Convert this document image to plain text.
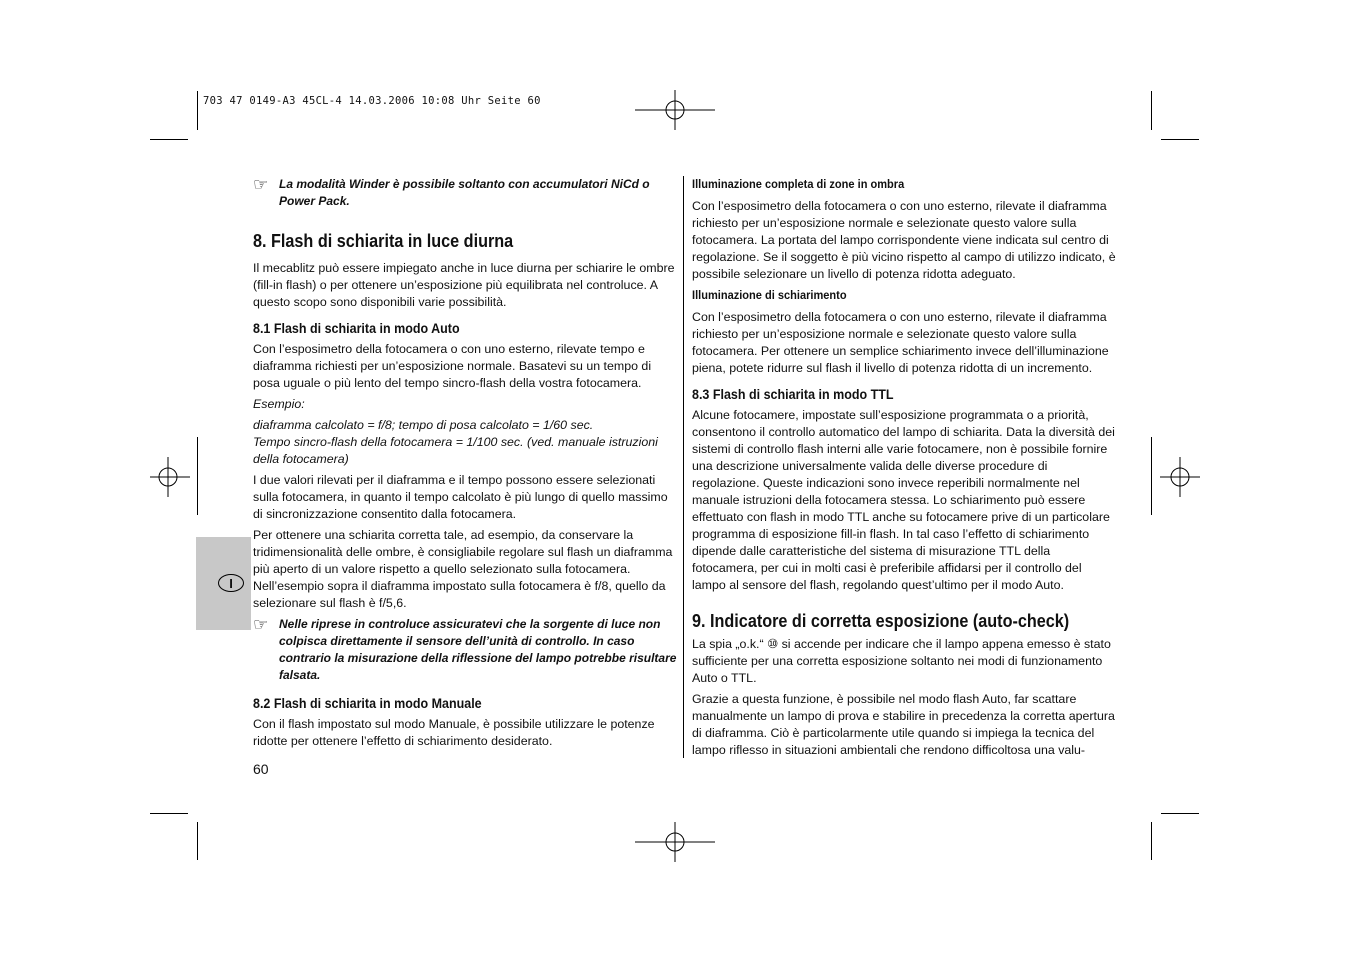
703 47 0149-A3 45CL-4 14.03.2006 10:08 Uhr Seite 60
I
☞ La modalità Winder è possibile soltanto con accumulatori NiCd o Power Pack.
8. Flash di schiarita in luce diurna

Il mecablitz può essere impiegato anche in luce diurna per schiarire le ombre (fill-in flash) o per ottenere un’esposizione più equilibrata nel controluce. A questo scopo sono disponibili varie possibilità.

8.1 Flash di schiarita in modo Auto

Con l’esposimetro della fotocamera o con uno esterno, rilevate tempo e diaframma richiesti per un’esposizione normale. Basatevi su un tempo di posa uguale o più lento del tempo sincro-flash della vostra fotocamera.

Esempio:

diaframma calcolato = f/8; tempo di posa calcolato = 1/60 sec.

Tempo sincro-flash della fotocamera = 1/100 sec. (ved. manuale istruzioni della fotocamera)

I due valori rilevati per il diaframma e il tempo possono essere selezionati sulla fotocamera, in quanto il tempo calcolato è più lungo di quello massimo di sincronizzazione consentito dalla fotocamera.

Per ottenere una schiarita corretta tale, ad esempio, da conservare la tridimensionalità delle ombre, è consigliabile regolare sul flash un diaframma più aperto di un valore rispetto a quello selezionato sulla fotocamera. Nell’esempio sopra il diaframma impostato sulla fotocamera è f/8, quello da selezionare sul flash è f/5,6.

☞ Nelle riprese in controluce assicuratevi che la sorgente di luce non colpisca direttamente il sensore dell’unità di controllo. In caso contrario la misurazione della riflessione del lampo potrebbe risultare falsata.
8.2 Flash di schiarita in modo Manuale

Con il flash impostato sul modo Manuale, è possibile utilizzare le potenze ridotte per ottenere l’effetto di schiarimento desiderato.

Illuminazione completa di zone in ombra

Con l’esposimetro della fotocamera o con uno esterno, rilevate il diaframma richiesto per un’esposizione normale e selezionate questo valore sulla fotocamera. La portata del lampo corrispondente viene indicata sul centro di regolazione. Se il soggetto è più vicino rispetto al campo di utilizzo indicato, è possibile selezionare un livello di potenza ridotta adeguato.

Illuminazione di schiarimento

Con l’esposimetro della fotocamera o con uno esterno, rilevate il diaframma richiesto per un’esposizione normale e selezionate questo valore sulla fotocamera. Per ottenere un semplice schiarimento invece dell’illuminazione piena, potete ridurre sul flash il livello di potenza ridotta di un incremento.

8.3 Flash di schiarita in modo TTL

Alcune fotocamere, impostate sull’esposizione programmata o a priorità, consentono il controllo automatico del lampo di schiarita. Data la diversità dei sistemi di controllo flash interni alle varie fotocamere, non è possibile fornire una descrizione universalmente valida delle diverse procedure di regolazione. Queste indicazioni sono invece reperibili normalmente nel manuale istruzioni della fotocamera stessa. Lo schiarimento può essere effettuato con flash in modo TTL anche su fotocamere prive di un particolare programma di esposizione fill-in flash. In tal caso l’effetto di schiarimento dipende dalle caratteristiche del sistema di misurazione TTL della fotocamera, per cui in molti casi è preferibile affidarsi per il controllo del lampo al sensore del flash, regolando quest’ultimo per il modo Auto.

9. Indicatore di corretta esposizione (auto-check)

La spia „o.k.“ ⑩ si accende per indicare che il lampo appena emesso è stato sufficiente per una corretta esposizione soltanto nei modi di funzionamento Auto o TTL.

Grazie a questa funzione, è possibile nel modo flash Auto, far scattare manualmente un lampo di prova e stabilire in precedenza la corretta apertura di diaframma. Ciò è particolarmente utile quando si impiega la tecnica del lampo riflesso in situazioni ambientali che rendono difficoltosa una valu-

60
